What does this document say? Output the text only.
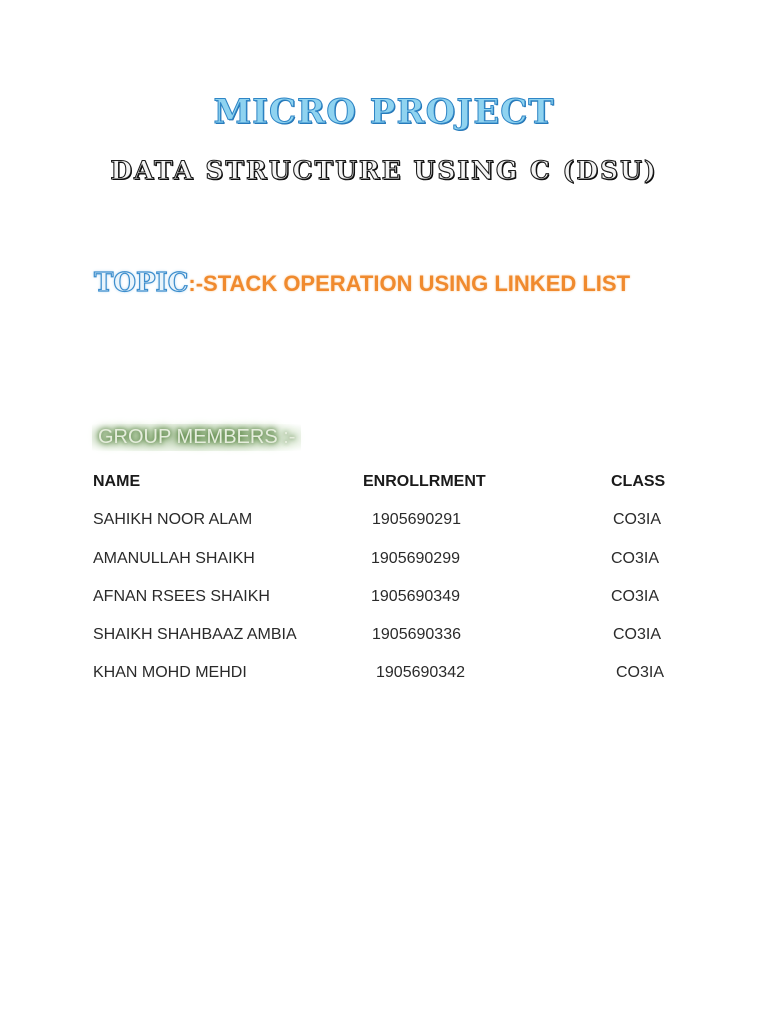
MICRO PROJECT
DATA STRUCTURE USING C (DSU)
TOPIC:-STACK OPERATION USING LINKED LIST
GROUP MEMBERS :-
NAME	ENROLLRMENT	CLASS
SAHIKH NOOR ALAM	1905690291	CO3IA
AMANULLAH SHAIKH	1905690299	CO3IA
AFNAN RSEES SHAIKH	1905690349	CO3IA
SHAIKH SHAHBAAZ AMBIA	1905690336	CO3IA
KHAN MOHD MEHDI	1905690342	CO3IA
